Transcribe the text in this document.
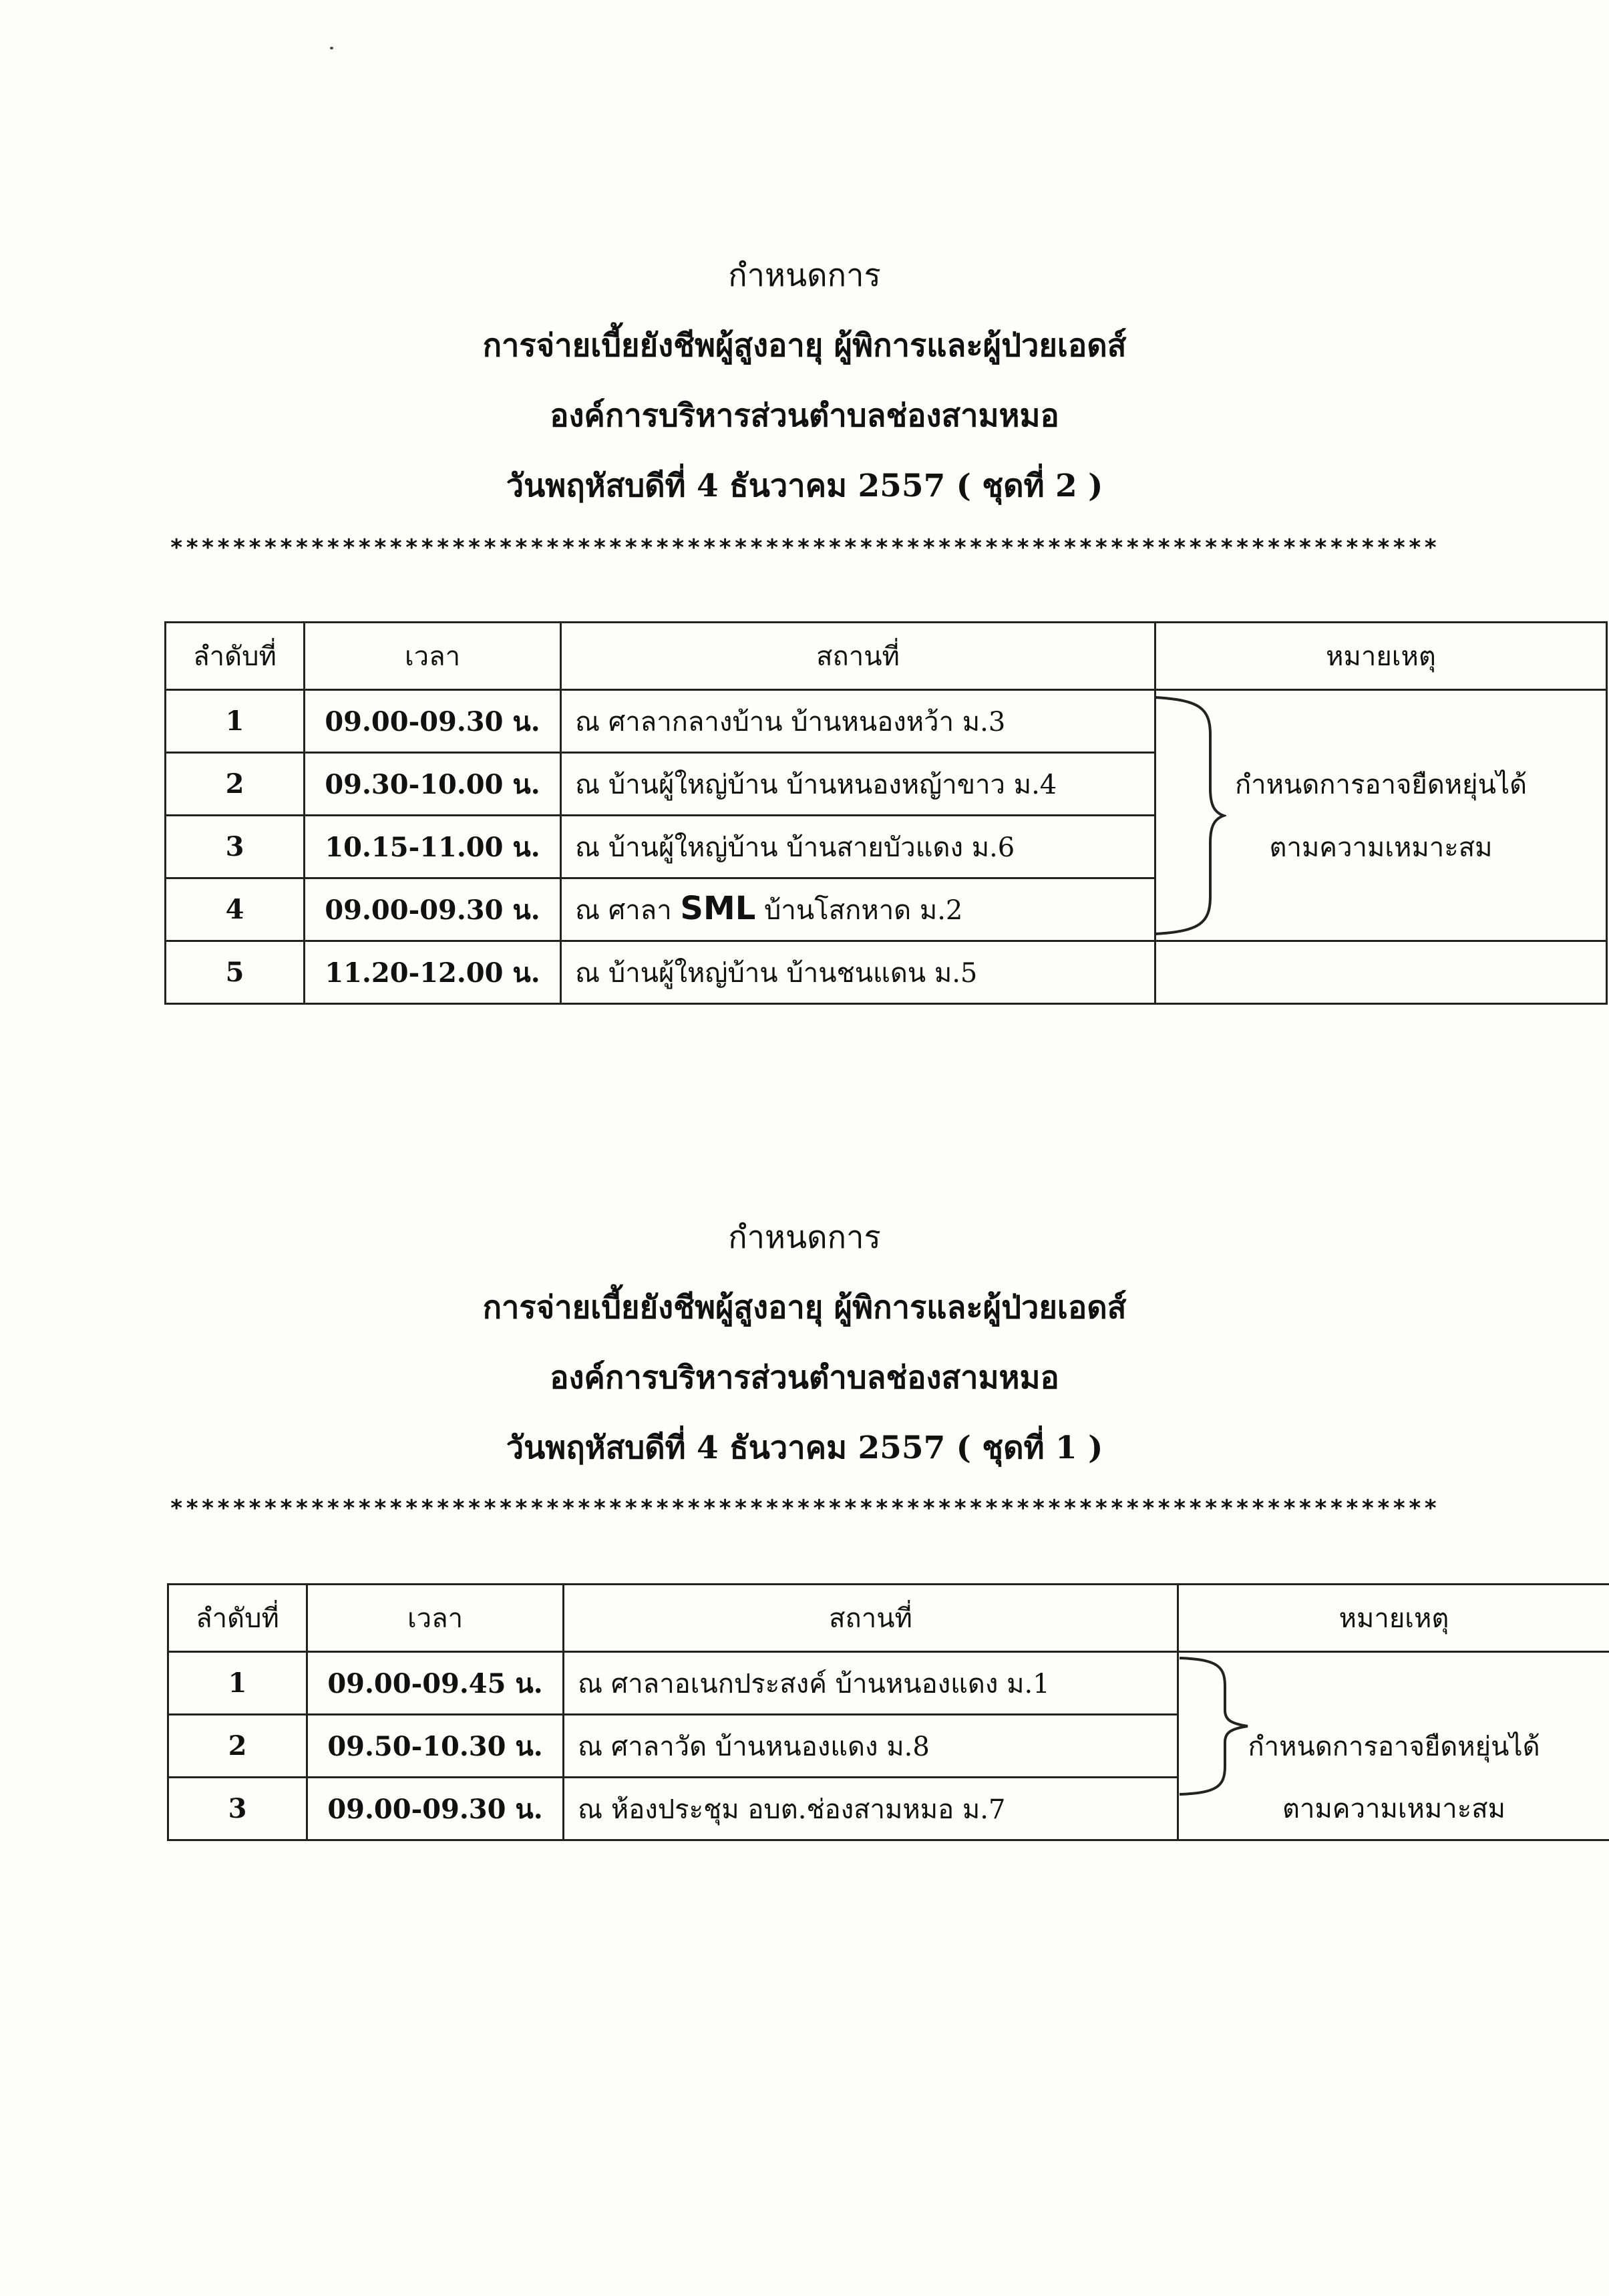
กำหนดการ
การจ่ายเบี้ยยังชีพผู้สูงอายุ ผู้พิการและผู้ป่วยเอดส์
องค์การบริหารส่วนตำบลช่องสามหมอ
วันพฤหัสบดีที่ 4 ธันวาคม 2557 ( ชุดที่ 2 )
*********************************************************************************
ลำดับที่	เวลา	สถานที่	หมายเหตุ
1	09.00-09.30 น.	ณ ศาลากลางบ้าน บ้านหนองหว้า ม.3	
2	09.30-10.00 น.	ณ บ้านผู้ใหญ่บ้าน บ้านหนองหญ้าขาว ม.4	กำหนดการอาจยืดหยุ่นได้
3	10.15-11.00 น.	ณ บ้านผู้ใหญ่บ้าน บ้านสายบัวแดง ม.6	ตามความเหมาะสม
4	09.00-09.30 น.	ณ ศาลา SML บ้านโสกหาด ม.2	
5	11.20-12.00 น.	ณ บ้านผู้ใหญ่บ้าน บ้านชนแดน ม.5	
กำหนดการ
การจ่ายเบี้ยยังชีพผู้สูงอายุ ผู้พิการและผู้ป่วยเอดส์
องค์การบริหารส่วนตำบลช่องสามหมอ
วันพฤหัสบดีที่ 4 ธันวาคม 2557 ( ชุดที่ 1 )
*********************************************************************************
ลำดับที่	เวลา	สถานที่	หมายเหตุ
1	09.00-09.45 น.	ณ ศาลาอเนกประสงค์ บ้านหนองแดง ม.1	
2	09.50-10.30 น.	ณ ศาลาวัด บ้านหนองแดง ม.8	กำหนดการอาจยืดหยุ่นได้
3	09.00-09.30 น.	ณ ห้องประชุม อบต.ช่องสามหมอ ม.7	ตามความเหมาะสม
